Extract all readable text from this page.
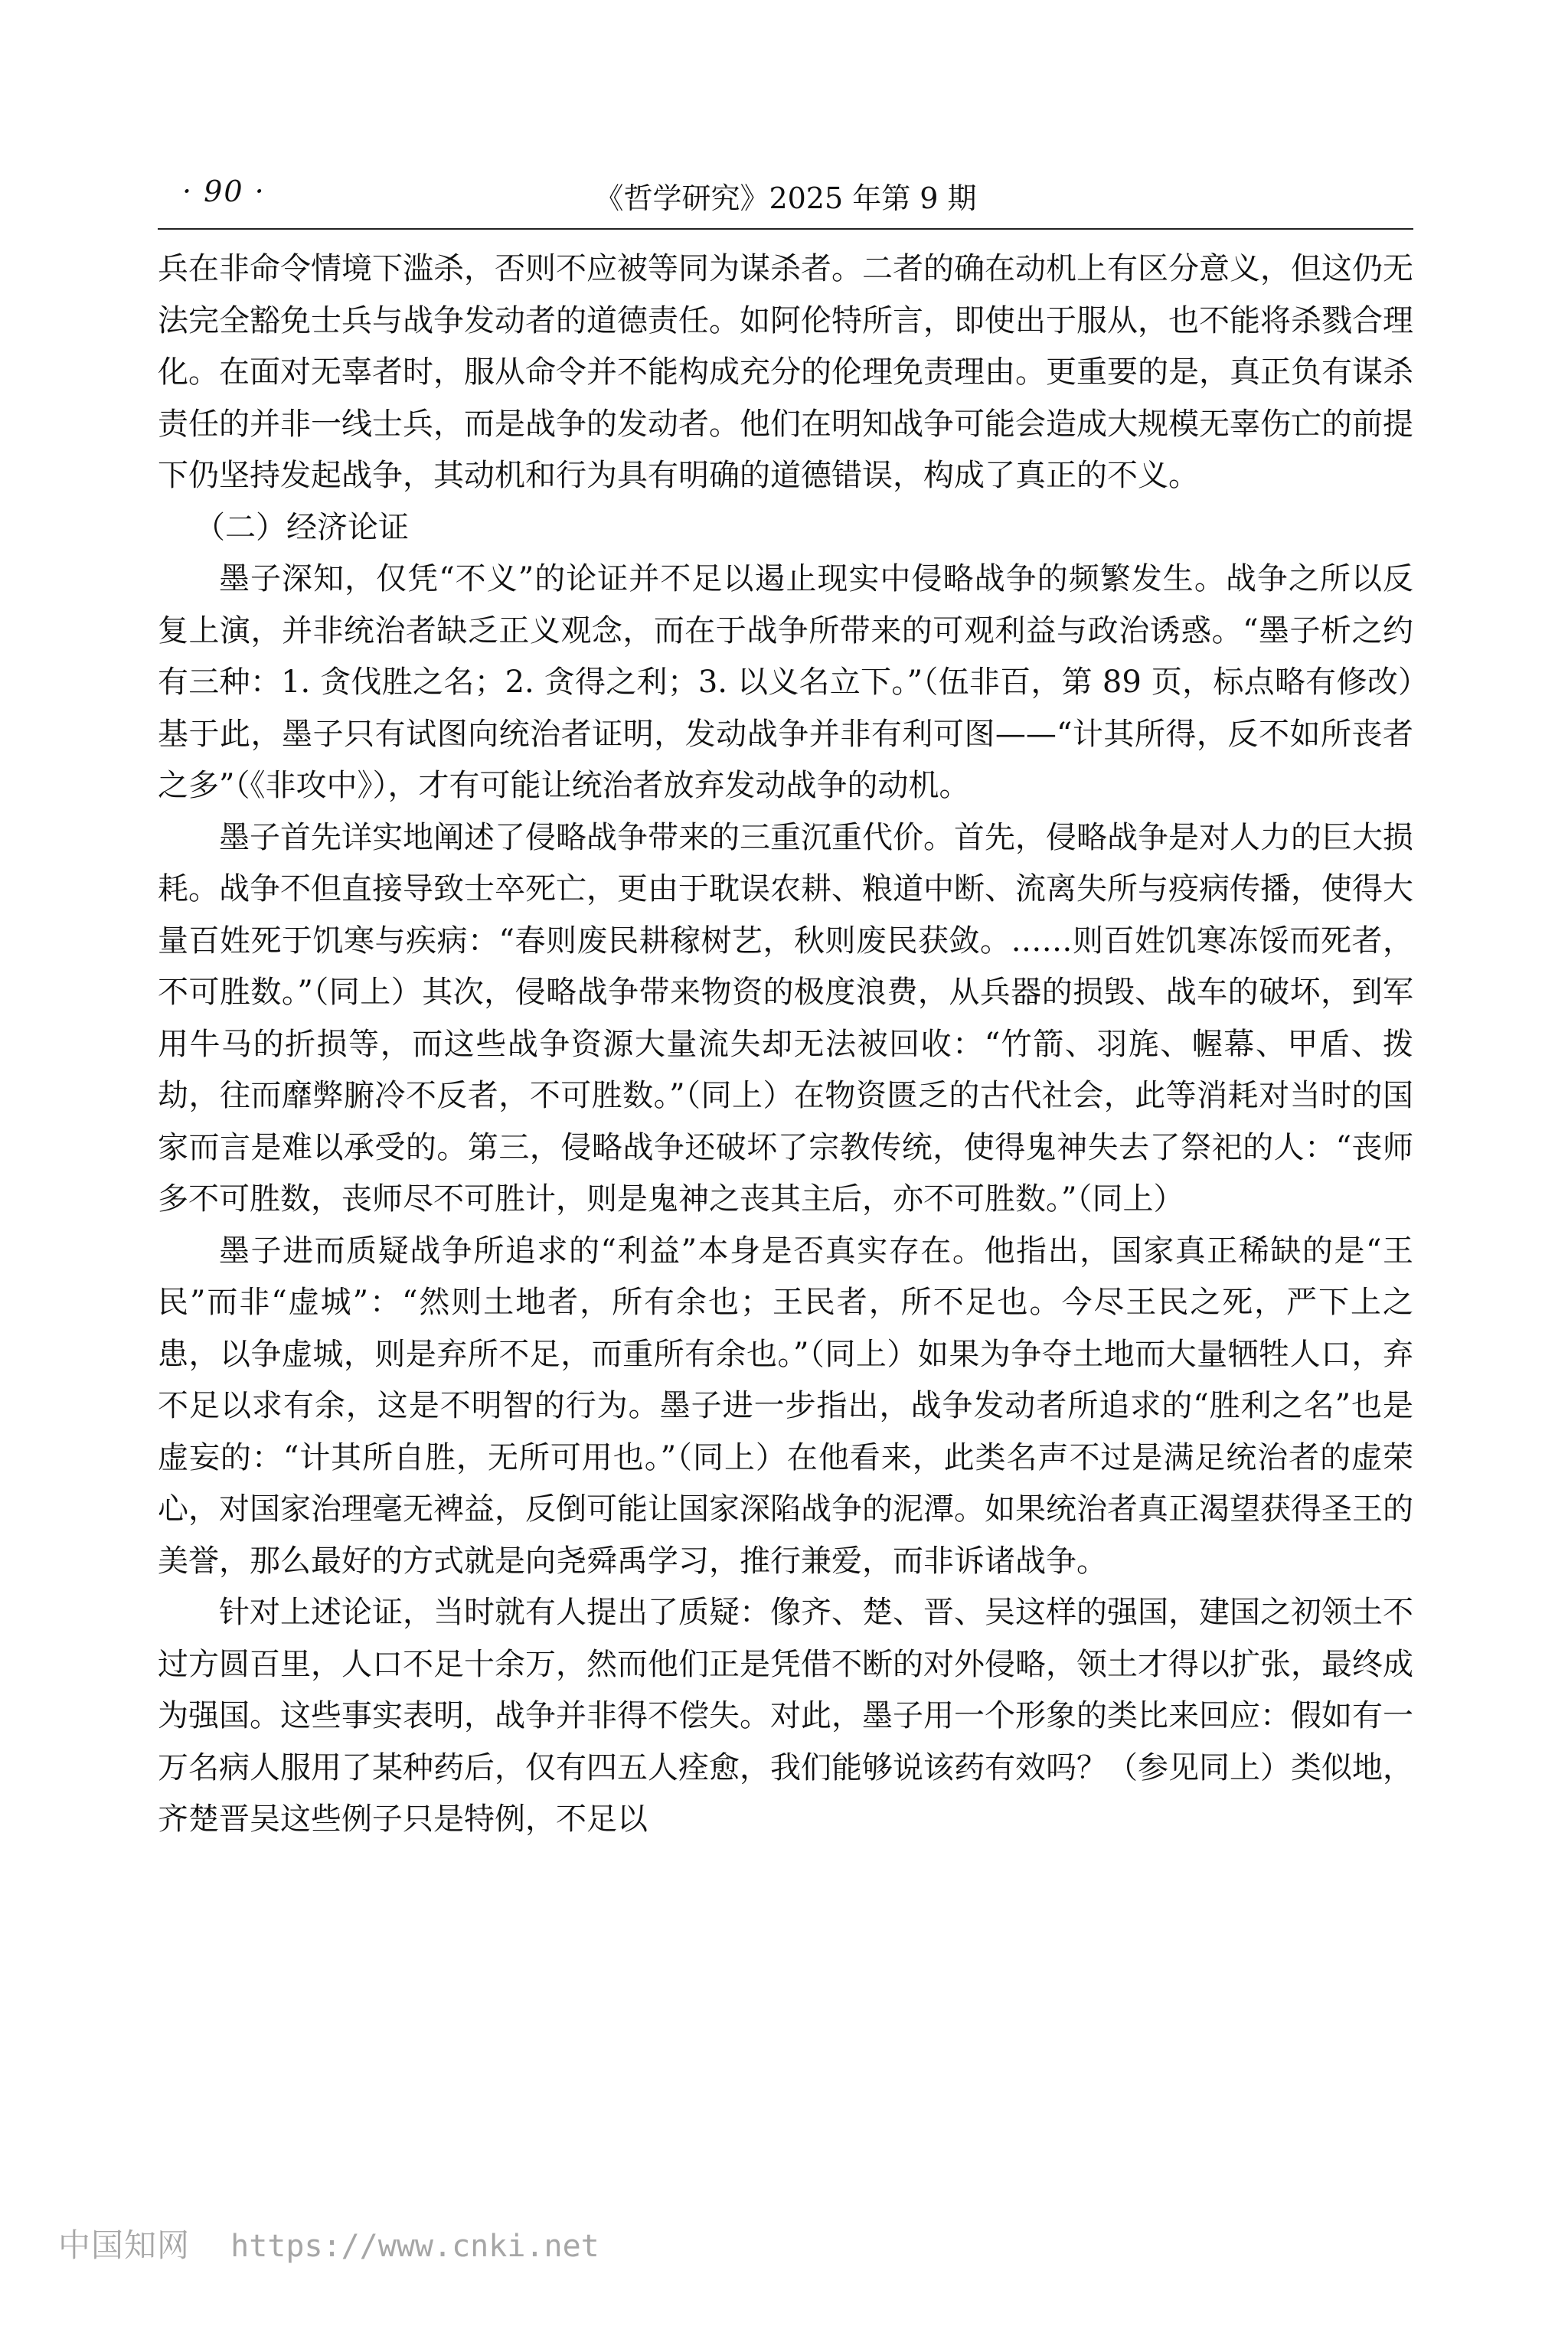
· 90 ·	《哲学研究》2025 年第 9 期

兵在非命令情境下滥杀，否则不应被等同为谋杀者。二者的确在动机上有区分意义，但这仍无法完全豁免士兵与战争发动者的道德责任。如阿伦特所言，即使出于服从，也不能将杀戮合理化。在面对无辜者时，服从命令并不能构成充分的伦理免责理由。更重要的是，真正负有谋杀责任的并非一线士兵，而是战争的发动者。他们在明知战争可能会造成大规模无辜伤亡的前提下仍坚持发起战争，其动机和行为具有明确的道德错误，构成了真正的不义。

（二）经济论证

墨子深知，仅凭“不义”的论证并不足以遏止现实中侵略战争的频繁发生。战争之所以反复上演，并非统治者缺乏正义观念，而在于战争所带来的可观利益与政治诱惑。“墨子析之约有三种：1. 贪伐胜之名；2. 贪得之利；3. 以义名立下。”（伍非百，第 89 页，标点略有修改）基于此，墨子只有试图向统治者证明，发动战争并非有利可图——“计其所得，反不如所丧者之多”（《非攻中》），才有可能让统治者放弃发动战争的动机。

墨子首先详实地阐述了侵略战争带来的三重沉重代价。首先，侵略战争是对人力的巨大损耗。战争不但直接导致士卒死亡，更由于耽误农耕、粮道中断、流离失所与疫病传播，使得大量百姓死于饥寒与疾病：“春则废民耕稼树艺，秋则废民获敛。……则百姓饥寒冻馁而死者，不可胜数。”（同上）其次，侵略战争带来物资的极度浪费，从兵器的损毁、战车的破坏，到军用牛马的折损等，而这些战争资源大量流失却无法被回收：“竹箭、羽旄、幄幕、甲盾、拨劫，往而靡弊腑冷不反者，不可胜数。”（同上）在物资匮乏的古代社会，此等消耗对当时的国家而言是难以承受的。第三，侵略战争还破坏了宗教传统，使得鬼神失去了祭祀的人：“丧师多不可胜数，丧师尽不可胜计，则是鬼神之丧其主后，亦不可胜数。”（同上）

墨子进而质疑战争所追求的“利益”本身是否真实存在。他指出，国家真正稀缺的是“王民”而非“虚城”：“然则土地者，所有余也；王民者，所不足也。今尽王民之死，严下上之患，以争虚城，则是弃所不足，而重所有余也。”（同上）如果为争夺土地而大量牺牲人口，弃不足以求有余，这是不明智的行为。墨子进一步指出，战争发动者所追求的“胜利之名”也是虚妄的：“计其所自胜，无所可用也。”（同上）在他看来，此类名声不过是满足统治者的虚荣心，对国家治理毫无裨益，反倒可能让国家深陷战争的泥潭。如果统治者真正渴望获得圣王的美誉，那么最好的方式就是向尧舜禹学习，推行兼爱，而非诉诸战争。

针对上述论证，当时就有人提出了质疑：像齐、楚、晋、吴这样的强国，建国之初领土不过方圆百里，人口不足十余万，然而他们正是凭借不断的对外侵略，领土才得以扩张，最终成为强国。这些事实表明，战争并非得不偿失。对此，墨子用一个形象的类比来回应：假如有一万名病人服用了某种药后，仅有四五人痊愈，我们能够说该药有效吗？（参见同上）类似地，齐楚晋吴这些例子只是特例，不足以

中国知网 https://www.cnki.net
